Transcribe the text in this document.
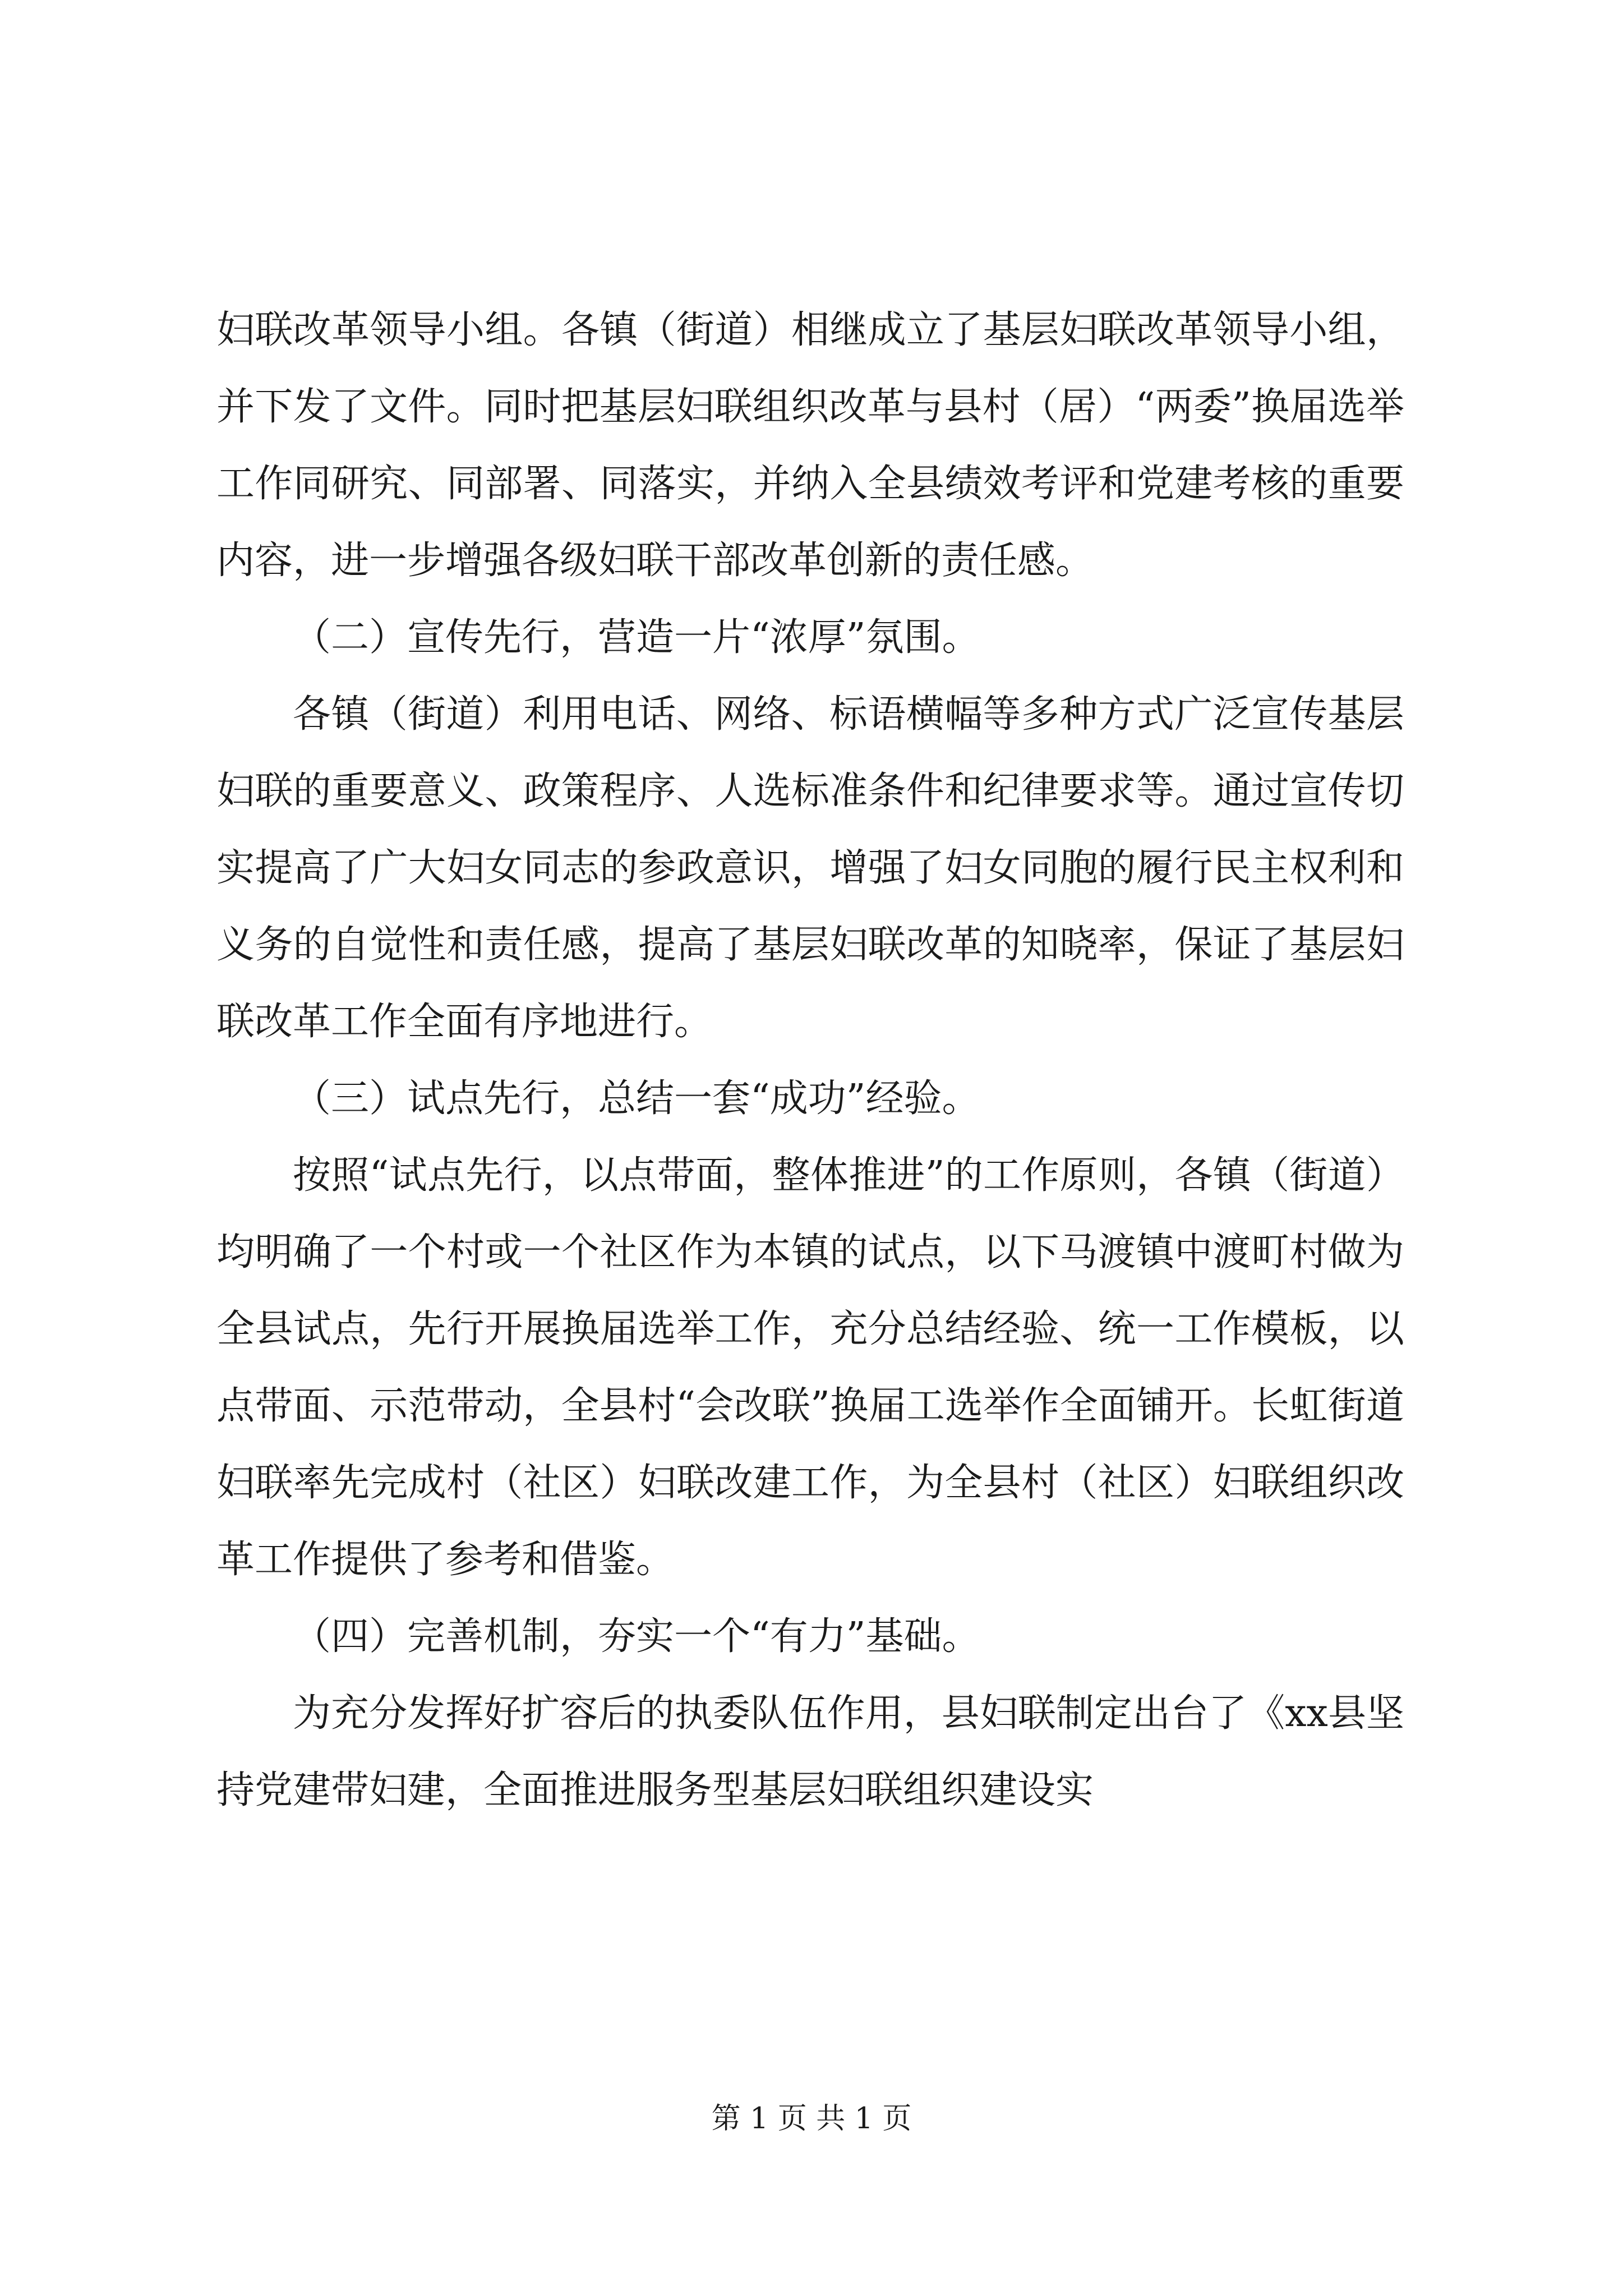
妇联改革领导小组。各镇（街道）相继成立了基层妇联改革领导小组，并下发了文件。同时把基层妇联组织改革与县村（居）“两委”换届选举工作同研究、同部署、同落实，并纳入全县绩效考评和党建考核的重要内容，进一步增强各级妇联干部改革创新的责任感。

（二）宣传先行，营造一片“浓厚”氛围。

各镇（街道）利用电话、网络、标语横幅等多种方式广泛宣传基层妇联的重要意义、政策程序、人选标准条件和纪律要求等。通过宣传切实提高了广大妇女同志的参政意识，增强了妇女同胞的履行民主权利和义务的自觉性和责任感，提高了基层妇联改革的知晓率，保证了基层妇联改革工作全面有序地进行。

（三）试点先行，总结一套“成功”经验。

按照“试点先行，以点带面，整体推进”的工作原则，各镇（街道）均明确了一个村或一个社区作为本镇的试点，以下马渡镇中渡町村做为全县试点，先行开展换届选举工作，充分总结经验、统一工作模板，以点带面、示范带动，全县村“会改联”换届工选举作全面铺开。长虹街道妇联率先完成村（社区）妇联改建工作，为全县村（社区）妇联组织改革工作提供了参考和借鉴。

（四）完善机制，夯实一个“有力”基础。

为充分发挥好扩容后的执委队伍作用，县妇联制定出台了《xx县坚持党建带妇建，全面推进服务型基层妇联组织建设实

第 1 页 共 1 页
